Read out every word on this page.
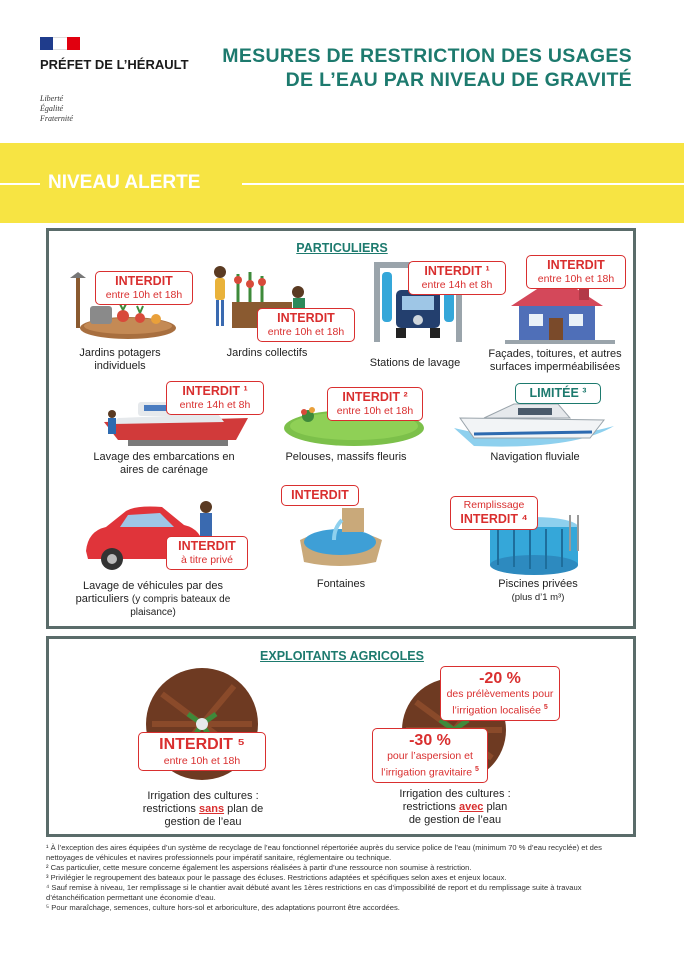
PRÉFET DE L’HÉRAULT
Liberté
Égalité
Fraternité
MESURES DE RESTRICTION DES USAGES
DE L’EAU PAR NIVEAU DE GRAVITÉ
NIVEAU ALERTE
PARTICULIERS
INTERDIT
entre 10h et 18h
Jardins potagers individuels
INTERDIT
entre 10h et 18h
Jardins collectifs
INTERDIT ¹
entre 14h et 8h
Stations de lavage
INTERDIT
entre 10h et 18h
Façades, toitures, et autres surfaces imperméabilisées
INTERDIT ¹
entre 14h et 8h
Lavage des embarcations en aires de carénage
INTERDIT ²
entre 10h et 18h
Pelouses, massifs fleuris
LIMITÉE ³
Navigation fluviale
INTERDIT
à titre privé
Lavage de véhicules par des particuliers (y compris bateaux de plaisance)
INTERDIT
Fontaines
Remplissage
INTERDIT ⁴
Piscines privées
(plus d’1 m³)
EXPLOITANTS AGRICOLES
INTERDIT ⁵
entre 10h et 18h
Irrigation des cultures :
restrictions sans plan de
gestion de l’eau
-20 %
des prélèvements pour
l’irrigation localisée $^5$
-30 %
pour l’aspersion et
l’irrigation gravitaire $^5$
Irrigation des cultures :
restrictions avec plan
de gestion de l’eau

¹ À l’exception des aires équipées d’un système de recyclage de l’eau fonctionnel répertoriée auprès du service police de l’eau (minimum 70 % d’eau recyclée) et des nettoyages de véhicules et navires professionnels pour impératif sanitaire, réglementaire ou technique.

² Cas particulier, cette mesure concerne également les aspersions réalisées à partir d’une ressource non soumise à restriction.

³ Privilégier le regroupement des bateaux pour le passage des écluses. Restrictions adaptées et spécifiques selon axes et enjeux locaux.

⁴ Sauf remise à niveau, 1er remplissage si le chantier avait débuté avant les 1ères restrictions en cas d’impossibilité de report et du remplissage suite à travaux d’étanchéification permettant une économie d’eau.

⁵ Pour maraîchage, semences, culture hors-sol et arboriculture, des adaptations pourront être accordées.
